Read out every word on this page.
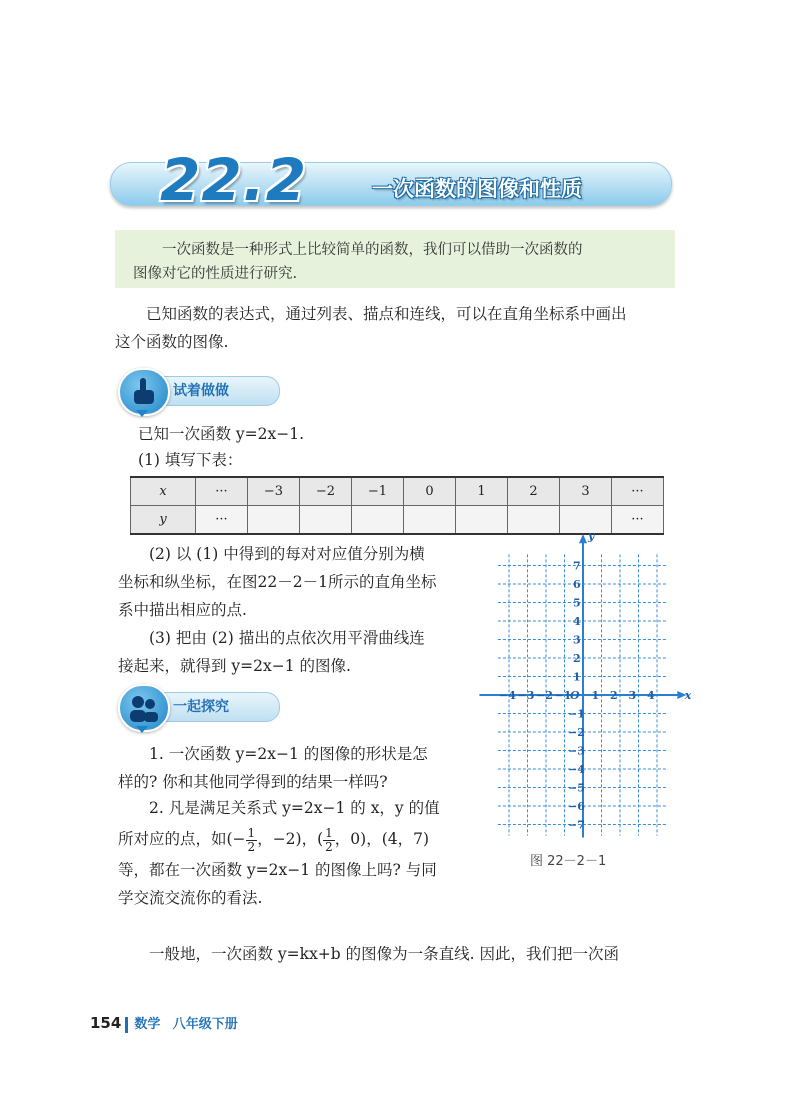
22.2	一次函数的图像和性质

一次函数是一种形式上比较简单的函数，我们可以借助一次函数的

图像对它的性质进行研究.

已知函数的表达式，通过列表、描点和连线，可以在直角坐标系中画出

这个函数的图像.
试着做做
已知一次函数 y=2x−1.
(1) 填写下表：
x	···	−3	−2	−1	0	1	2	3	···
y	···								···

(2) 以 (1) 中得到的每对对应值分别为横

坐标和纵坐标，在图22－2－1所示的直角坐标
系中描出相应的点.

(3) 把由 (2) 描出的点依次用平滑曲线连

接起来，就得到 y=2x−1 的图像.
一起探究

1. 一次函数 y=2x−1 的图像的形状是怎

样的? 你和其他同学得到的结果一样吗?

2. 凡是满足关系式 y=2x−1 的 x，y 的值

所对应的点，如(− $\frac{1}{2}$ ，−2)，( $\frac{1}{2}$ ，0)，(4，7)
等，都在一次函数 y=2x−1 的图像上吗? 与同
学交流交流你的看法.
一般地，一次函数 y=kx+b 的图像为一条直线. 因此，我们把一次函
x
y
O
−4 −3 −2 −1 1 2 3 4
7
6
5
4
3
2
1
−1
−2
−3
−4
−5
−6
−7
图 22－2－1
154 数学 八年级下册
